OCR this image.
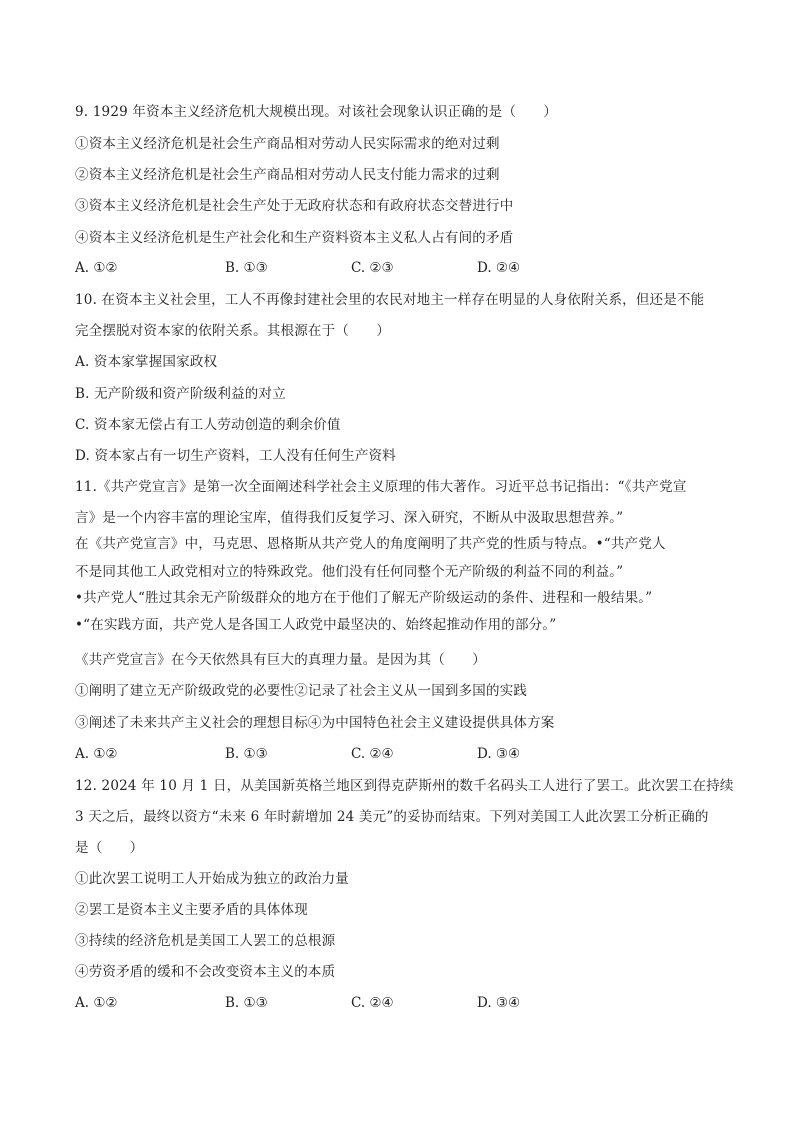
9. 1929 年资本主义经济危机大规模出现。对该社会现象认识正确的是（　　）
①资本主义经济危机是社会生产商品相对劳动人民实际需求的绝对过剩
②资本主义经济危机是社会生产商品相对劳动人民支付能力需求的过剩
③资本主义经济危机是社会生产处于无政府状态和有政府状态交替进行中
④资本主义经济危机是生产社会化和生产资料资本主义私人占有间的矛盾
A. ①②	B. ①③	C. ②③	D. ②④
10. 在资本主义社会里，工人不再像封建社会里的农民对地主一样存在明显的人身依附关系，但还是不能
完全摆脱对资本家的依附关系。其根源在于（　　）
A. 资本家掌握国家政权
B. 无产阶级和资产阶级利益的对立
C. 资本家无偿占有工人劳动创造的剩余价值
D. 资本家占有一切生产资料，工人没有任何生产资料
11.《共产党宣言》是第一次全面阐述科学社会主义原理的伟大著作。习近平总书记指出：“《共产党宣
言》是一个内容丰富的理论宝库，值得我们反复学习、深入研究，不断从中汲取思想营养。”
在《共产党宣言》中，马克思、恩格斯从共产党人的角度阐明了共产党的性质与特点。•“共产党人
不是同其他工人政党相对立的特殊政党。他们没有任何同整个无产阶级的利益不同的利益。”
•共产党人“胜过其余无产阶级群众的地方在于他们了解无产阶级运动的条件、进程和一般结果。”
•“在实践方面，共产党人是各国工人政党中最坚决的、始终起推动作用的部分。”
《共产党宣言》在今天依然具有巨大的真理力量。是因为其（　　）
①阐明了建立无产阶级政党的必要性②记录了社会主义从一国到多国的实践
③阐述了未来共产主义社会的理想目标④为中国特色社会主义建设提供具体方案
A. ①②	B. ①③	C. ②④	D. ③④
12. 2024 年 10 月 1 日，从美国新英格兰地区到得克萨斯州的数千名码头工人进行了罢工。此次罢工在持续
3 天之后，最终以资方“未来 6 年时薪增加 24 美元”的妥协而结束。下列对美国工人此次罢工分析正确的
是（　　）
①此次罢工说明工人开始成为独立的政治力量
②罢工是资本主义主要矛盾的具体体现
③持续的经济危机是美国工人罢工的总根源
④劳资矛盾的缓和不会改变资本主义的本质
A. ①②	B. ①③	C. ②④	D. ③④
